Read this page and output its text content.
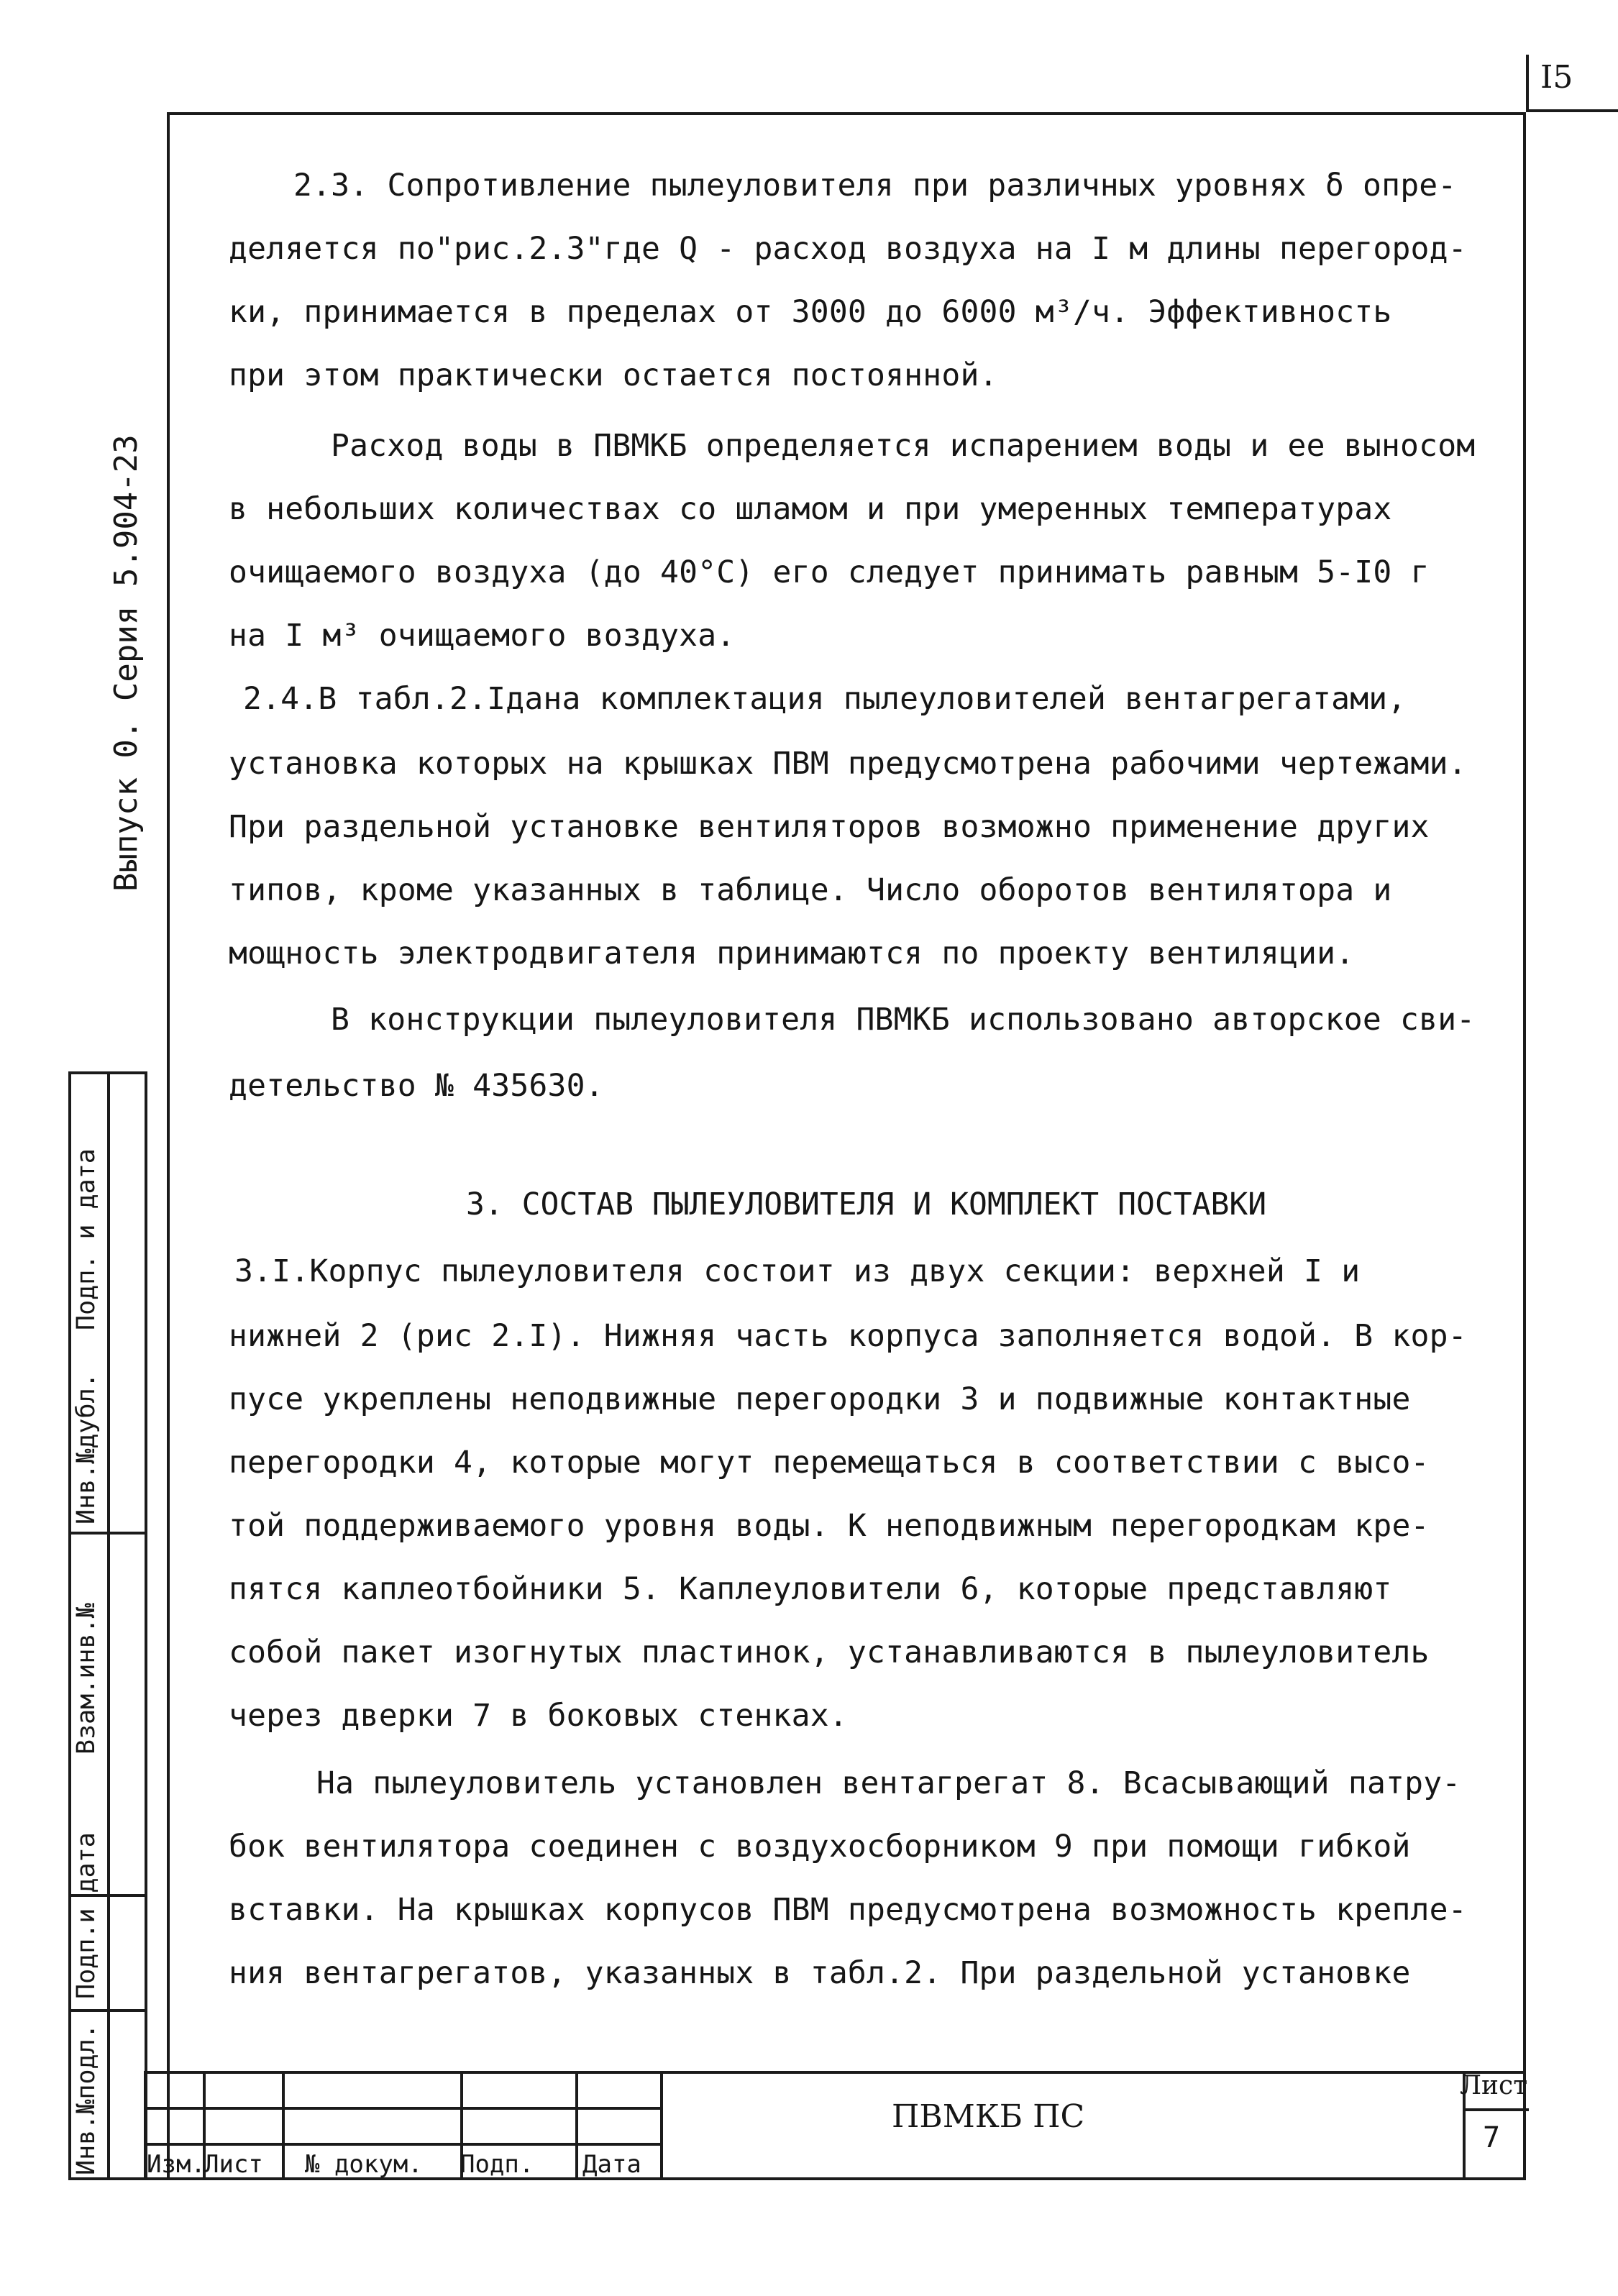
I5
Выпуск 0. Серия 5.904-23
2.3. Сопротивление пылеуловителя при различных уровнях δ опре-
деляется по"рис.2.3"где Q - расход воздуха на I м длины перегород-
ки, принимается в пределах от 3000 до 6000 м³/ч. Эффективность
при этом практически остается постоянной.
Расход воды в ПВМКБ определяется испарением воды и ее выносом
в небольших количествах со шламом и при умеренных температурах
очищаемого воздуха (до 40°С) его следует принимать равным 5-I0 г
на I м³ очищаемого воздуха.
2.4.В табл.2.Iдана комплектация пылеуловителей вентагрегатами,
установка которых на крышках ПВМ предусмотрена рабочими чертежами.
При раздельной установке вентиляторов возможно применение других
типов, кроме указанных в таблице. Число оборотов вентилятора и
мощность электродвигателя принимаются по проекту вентиляции.
В конструкции пылеуловителя ПВМКБ использовано авторское сви-
детельство № 435630.
3. СОСТАВ ПЫЛЕУЛОВИТЕЛЯ И КОМПЛЕКТ ПОСТАВКИ
3.I.Корпус пылеуловителя состоит из двух секции: верхней I и
нижней 2 (рис 2.I). Нижняя часть корпуса заполняется водой. В кор-
пусе укреплены неподвижные перегородки 3 и подвижные контактные
перегородки 4, которые могут перемещаться в соответствии с высо-
той поддерживаемого уровня воды. К неподвижным перегородкам кре-
пятся каплеотбойники 5. Каплеуловители 6, которые представляют
собой пакет изогнутых пластинок, устанавливаются в пылеуловитель
через дверки 7 в боковых стенках.
На пылеуловитель установлен вентагрегат 8. Всасывающий патру-
бок вентилятора соединен с воздухосборником 9 при помощи гибкой
вставки. На крышках корпусов ПВМ предусмотрена возможность крепле-
ния вентагрегатов, указанных в табл.2. При раздельной установке
Инв.№подл.
Подп.и дата
Взам.инв.№
Инв.№дубл.
Подп. и дата
Изм.
Лист № докум. Подп. Дата
ПВМКБ ПС
Лист
7
